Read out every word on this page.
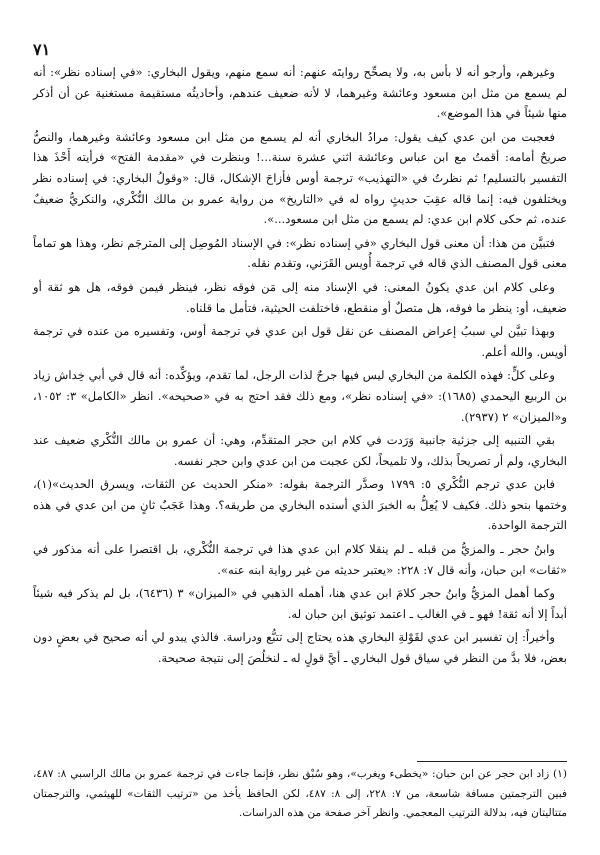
٧١

وغيرهم، وأرجو أنه لا بأس به، ولا يصحِّح روايتَه عنهم: أنه سمع منهم، ويقول البخاري: «في إسناده نظر»: أنه لم يسمع من مثل ابن مسعود وعائشة وغيرهما، لا لأنه ضعيف عندهم، وأحاديثُه مستقيمة مستغنية عن أن أذكر منها شيئاً في هذا الموضع».

فعجبت من ابن عدي كيف يقول: مرادُ البخاري أنه لم يسمع من مثل ابن مسعود وعائشة وغيرهما، والنصُّ صريحٌ أمامه: أقمتُ مع ابن عباس وعائشة اثني عشرة سنة...! وبنظرت في «مقدمة الفتح» فرأيته أَحْذَ هذا التفسير بالتسليم! ثم نظرتُ في «التهذيب» ترجمة أوس فأزاحَ الإشكال، قال: «وقولُ البخاري: في إسناده نظر ويختلفون فيه: إنما قاله عقِبَ حديثٍ رواه له في «التاريخ» من رواية عمرو بن مالك النُّكْري، والنكريُّ ضعيفٌ عنده، ثم حكى كلام ابن عدي: لم يسمع من مثل ابن مسعود...».

فتبيَّن من هذا: أن معنى قول البخاري «في إسناده نظر»: في الإسناد المُوصِل إلى المترجَم نظر، وهذا هو تماماً معنى قول المصنف الذي قاله في ترجمة أُويس القَرَني، وتقدم نقله.

وعلى كلام ابن عدي يكونُ المعنى: في الإسناد منه إلى مَن فوقه نظر، فينظر فيمن فوقه، هل هو ثقة أو ضعيف، أو: ينظر ما فوقه، هل متصلٌ أو منقطع، فاختلفت الحيثية، فتأمل ما قلناه.

وبهذا تبيَّن لي سببُ إعراض المصنف عن نقل قول ابن عدي في ترجمة أوس، وتفسيره من عنده في ترجمة أويس. والله أعلم.

وعلى كلٍّ: فهذه الكلمة من البخاري ليس فيها جرحٌ لذات الرجل، لما تقدم، ويؤكِّده: أنه قال في أبي خِداش زياد بن الربيع اليحمدي (١٦٨٥): «في إسناده نظر»، ومع ذلك فقد احتج به في «صحيحه». انظر «الكامل» ٣: ١٠٥٢، و«الميزان» ٢ (٢٩٣٧).

بقي التنبيه إلى جزئية جانبية وَرَدت في كلام ابن حجر المتقدِّم، وهي: أن عمرو بن مالك النُّكْري ضعيف عند البخاري، ولم أر تصريحاً بذلك، ولا تلميحاً، لكن عجبت من ابن عدي وابن حجر نفسه.

فابن عدي ترجم النُّكْري ٥: ١٧٩٩ وصدَّر الترجمة بقوله: «منكر الحديث عن الثقات، ويسرق الحديث»(١)، وختمها بنحو ذلك. فكيف لا يُعِلُّ به الخبرَ الذي أسنده البخاري من طريقه؟. وهذا عَجَبٌ ثانٍ من ابن عدي في هذه الترجمة الواحدة.

وابنُ حجر ـ والمزيُّ من قبله ـ لم ينقلا كلام ابن عدي هذا في ترجمة النُّكْري، بل اقتصرا على أنه مذكور في «ثقات» ابن حبان، وأنه قال ٧: ٢٢٨: «يعتبر حديثه من غير رواية ابنه عنه».

وكما أهمل المزيُّ وابنُ حجر كلامَ ابن عدي هنا، أهمله الذهبي في «الميزان» ٣ (٦٤٣٦)، بل لم يذكر فيه شيئاً أبداً إلا أنه ثقة! فهو ـ في الغالب ـ اعتمد توثيق ابن حبان له.

وأخيراً: إن تفسير ابن عدي لقَوْلةِ البخاري هذه يحتاج إلى تتبُّع ودراسة. فالذي يبدو لي أنه صحيح في بعضٍ دون بعض، فلا بدَّ من النظر في سياق قول البخاري ـ أيَّ قولٍ له ـ لنخلُصَ إلى نتيجة صحيحة.

(١) زاد ابن حجر عن ابن حبان: «يخطىء ويغرب»، وهو سُبْق نظر، فإنما جاءت في ترجمة عمرو بن مالك الراسبي ٨: ٤٨٧، فبين الترجمتين مسافة شاسعة، من ٧: ٢٢٨، إلى ٨: ٤٨٧، لكن الحافظ يأخذ من «ترتيب الثقات» للهيثمي، والترجمتان متتاليتان فيه، بدلالة الترتيب المعجمي. وانظر آخر صفحة من هذه الدراسات.
